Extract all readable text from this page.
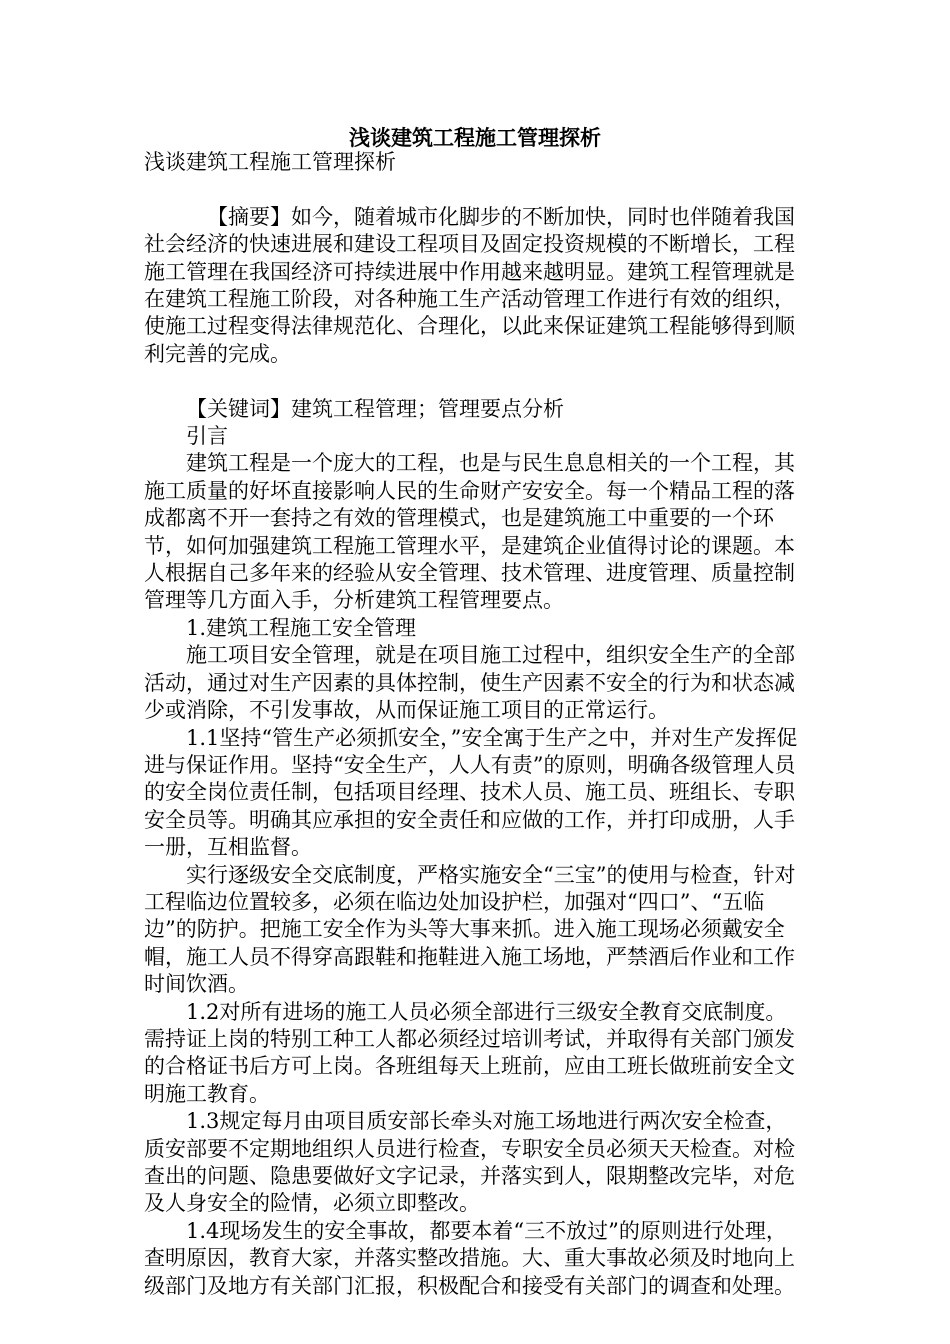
浅谈建筑工程施工管理探析

浅谈建筑工程施工管理探析

【摘要】如今，随着城市化脚步的不断加快，同时也伴随着我国社会经济的快速进展和建设工程项目及固定投资规模的不断增长，工程施工管理在我国经济可持续进展中作用越来越明显。建筑工程管理就是在建筑工程施工阶段，对各种施工生产活动管理工作进行有效的组织，使施工过程变得法律规范化、合理化，以此来保证建筑工程能够得到顺利完善的完成。

【关键词】建筑工程管理；管理要点分析

引言

建筑工程是一个庞大的工程，也是与民生息息相关的一个工程，其施工质量的好坏直接影响人民的生命财产安安全。每一个精品工程的落成都离不开一套持之有效的管理模式，也是建筑施工中重要的一个环节，如何加强建筑工程施工管理水平，是建筑企业值得讨论的课题。本人根据自己多年来的经验从安全管理、技术管理、进度管理、质量控制管理等几方面入手，分析建筑工程管理要点。

1.建筑工程施工安全管理

施工项目安全管理，就是在项目施工过程中，组织安全生产的全部活动，通过对生产因素的具体控制，使生产因素不安全的行为和状态减少或消除，不引发事故，从而保证施工项目的正常运行。

1.1坚持“管生产必须抓安全，”安全寓于生产之中，并对生产发挥促进与保证作用。坚持“安全生产，人人有责”的原则，明确各级管理人员的安全岗位责任制，包括项目经理、技术人员、施工员、班组长、专职安全员等。明确其应承担的安全责任和应做的工作，并打印成册，人手一册，互相监督。

实行逐级安全交底制度，严格实施安全“三宝”的使用与检查，针对工程临边位置较多，必须在临边处加设护栏，加强对“四口”、“五临边”的防护。把施工安全作为头等大事来抓。进入施工现场必须戴安全帽，施工人员不得穿高跟鞋和拖鞋进入施工场地，严禁酒后作业和工作时间饮酒。

1.2对所有进场的施工人员必须全部进行三级安全教育交底制度。需持证上岗的特别工种工人都必须经过培训考试，并取得有关部门颁发的合格证书后方可上岗。各班组每天上班前，应由工班长做班前安全文明施工教育。

1.3规定每月由项目质安部长牵头对施工场地进行两次安全检查，质安部要不定期地组织人员进行检查，专职安全员必须天天检查。对检查出的问题、隐患要做好文字记录，并落实到人，限期整改完毕，对危及人身安全的险情，必须立即整改。

1.4现场发生的安全事故，都要本着“三不放过”的原则进行处理，查明原因，教育大家，并落实整改措施。大、重大事故必须及时地向上级部门及地方有关部门汇报，积极配合和接受有关部门的调查和处理。
